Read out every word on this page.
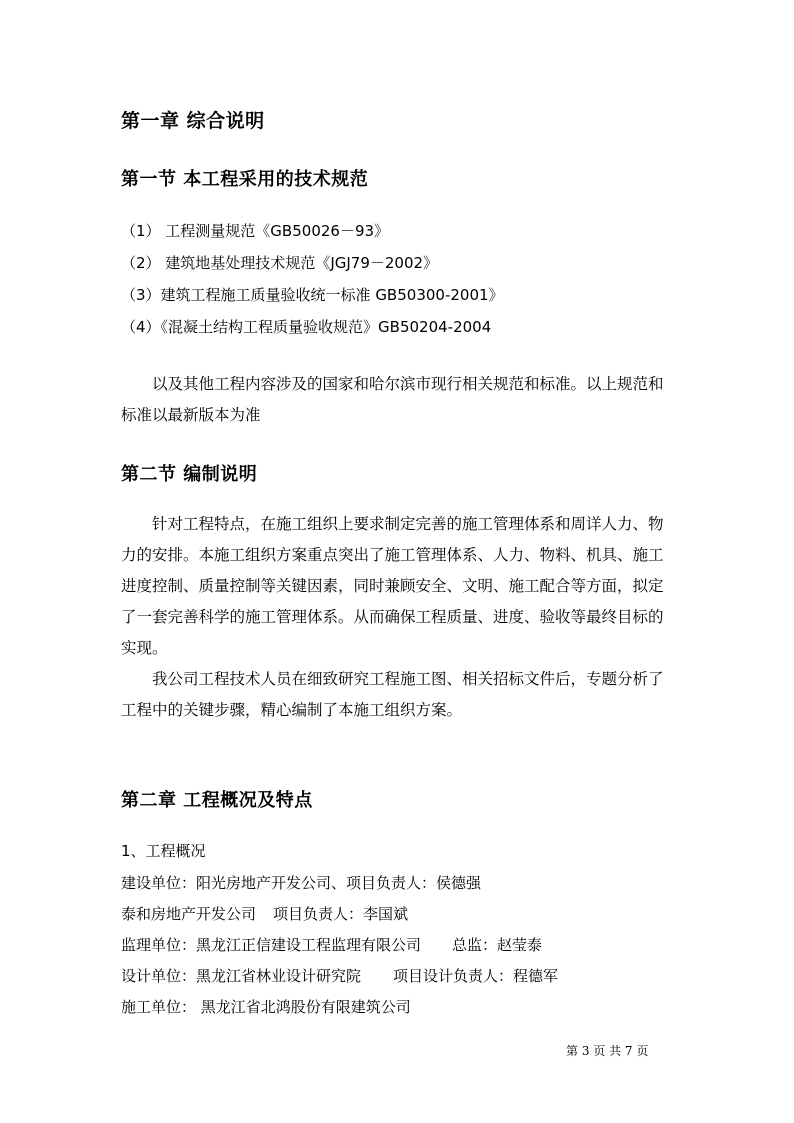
第一章 综合说明
第一节 本工程采用的技术规范
（1） 工程测量规范《GB50026－93》
（2） 建筑地基处理技术规范《JGJ79－2002》
（3）建筑工程施工质量验收统一标准 GB50300-2001》
（4）《混凝土结构工程质量验收规范》GB50204-2004

以及其他工程内容涉及的国家和哈尔滨市现行相关规范和标准。以上规范和标准以最新版本为准

第二节 编制说明

针对工程特点，在施工组织上要求制定完善的施工管理体系和周详人力、物力的安排。本施工组织方案重点突出了施工管理体系、人力、物料、机具、施工进度控制、质量控制等关键因素，同时兼顾安全、文明、施工配合等方面，拟定了一套完善科学的施工管理体系。从而确保工程质量、进度、验收等最终目标的实现。

我公司工程技术人员在细致研究工程施工图、相关招标文件后，专题分析了工程中的关键步骤，精心编制了本施工组织方案。

第二章 工程概况及特点
1、工程概况
建设单位：阳光房地产开发公司、项目负责人：侯德强
泰和房地产开发公司 项目负责人：李国斌
监理单位：黑龙江正信建设工程监理有限公司 总监：赵莹泰
设计单位：黑龙江省林业设计研究院 项目设计负责人：程德军
施工单位： 黑龙江省北鸿股份有限建筑公司
第 3 页 共 7 页
